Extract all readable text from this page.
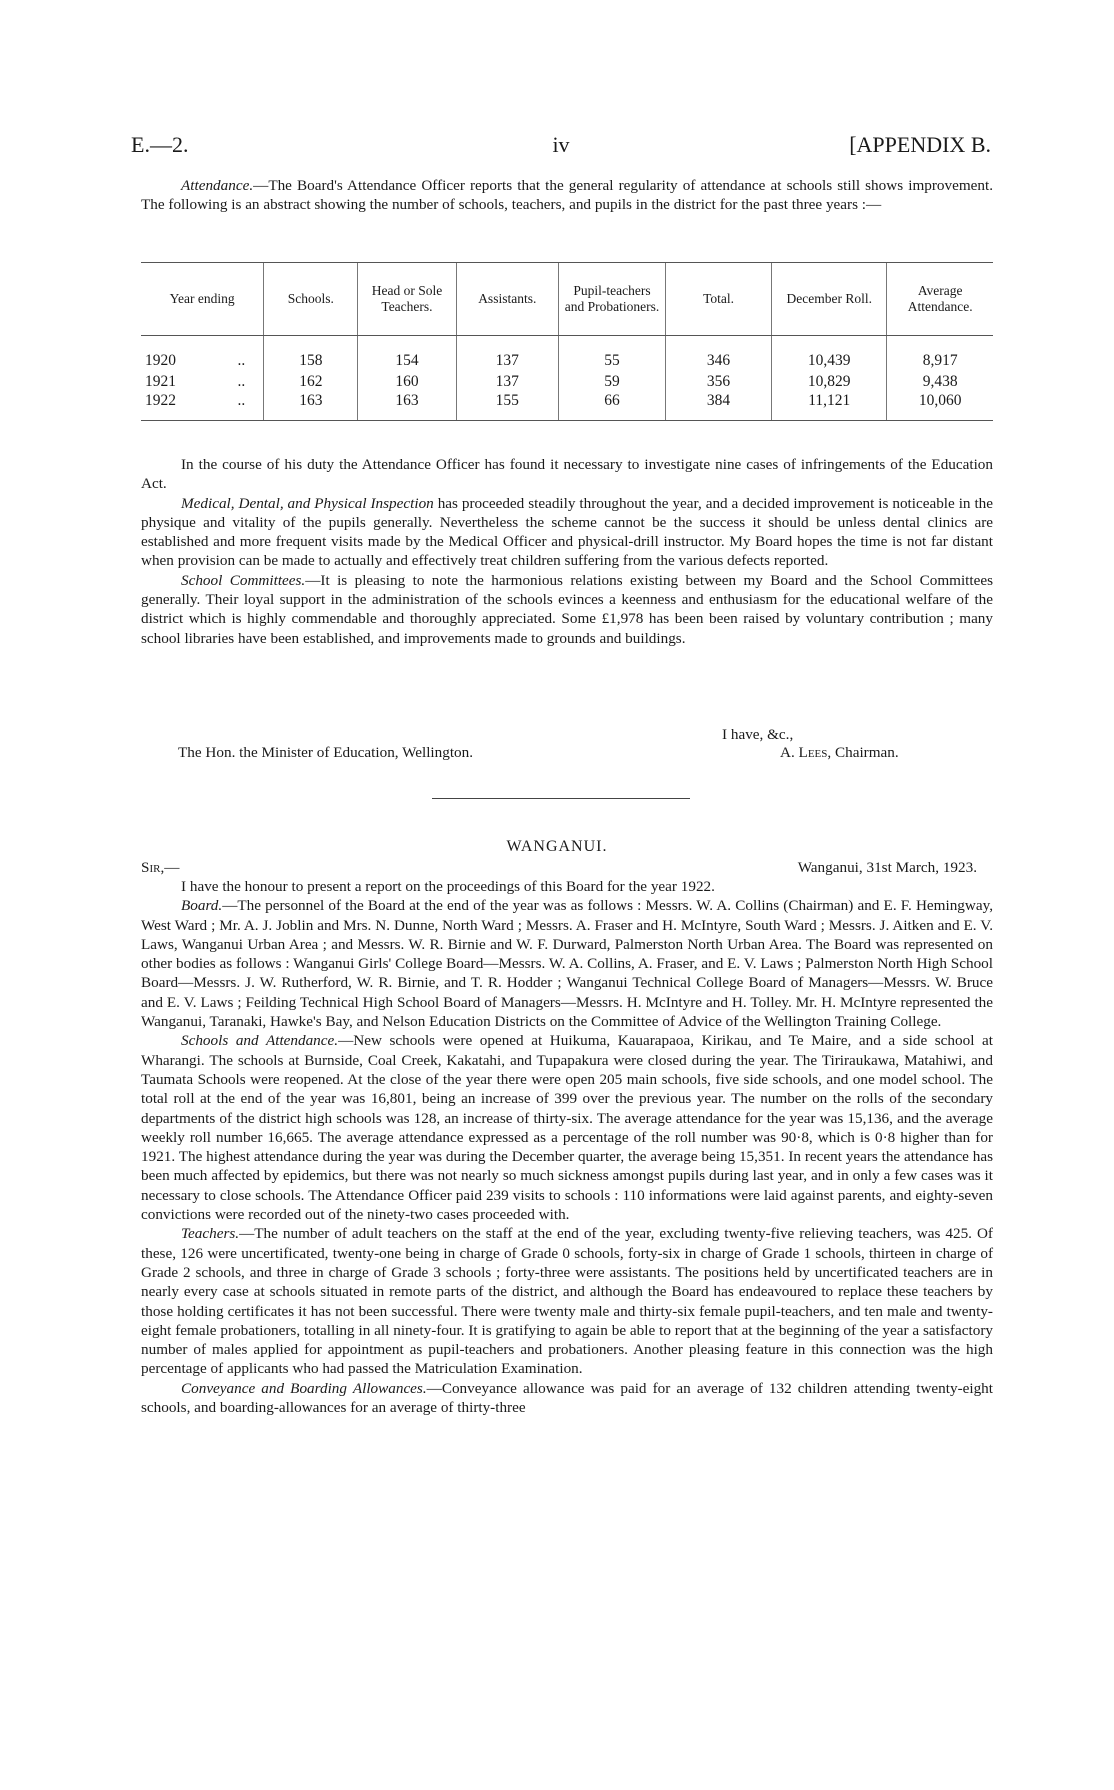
E.—2.	iv	[APPENDIX B.

Attendance.—The Board's Attendance Officer reports that the general regularity of attendance at schools still shows improvement. The following is an abstract showing the number of schools, teachers, and pupils in the district for the past three years :—

Year ending	Schools.	Head or Sole Teachers.	Assistants.	Pupil-teachers and Probationers.	Total.	December Roll.	Average Attendance.

1920 ..	158	154	137	55	346	10,439	8,917
1921 ..	162	160	137	59	356	10,829	9,438
1922 ..	163	163	155	66	384	11,121	10,060

In the course of his duty the Attendance Officer has found it necessary to investigate nine cases of infringements of the Education Act.

Medical, Dental, and Physical Inspection has proceeded steadily throughout the year, and a decided improvement is noticeable in the physique and vitality of the pupils generally. Nevertheless the scheme cannot be the success it should be unless dental clinics are established and more frequent visits made by the Medical Officer and physical-drill instructor. My Board hopes the time is not far distant when provision can be made to actually and effectively treat children suffering from the various defects reported.

School Committees.—It is pleasing to note the harmonious relations existing between my Board and the School Committees generally. Their loyal support in the administration of the schools evinces a keenness and enthusiasm for the educational welfare of the district which is highly commendable and thoroughly appreciated. Some £1,978 has been been raised by voluntary contribution ; many school libraries have been established, and improvements made to grounds and buildings.

I have, &c.,
The Hon. the Minister of Education, Wellington.	A. Lees, Chairman.
WANGANUI.

Sir,—	Wanganui, 31st March, 1923.

I have the honour to present a report on the proceedings of this Board for the year 1922.

Board.—The personnel of the Board at the end of the year was as follows : Messrs. W. A. Collins (Chairman) and E. F. Hemingway, West Ward ; Mr. A. J. Joblin and Mrs. N. Dunne, North Ward ; Messrs. A. Fraser and H. McIntyre, South Ward ; Messrs. J. Aitken and E. V. Laws, Wanganui Urban Area ; and Messrs. W. R. Birnie and W. F. Durward, Palmerston North Urban Area. The Board was represented on other bodies as follows : Wanganui Girls' College Board—Messrs. W. A. Collins, A. Fraser, and E. V. Laws ; Palmerston North High School Board—Messrs. J. W. Rutherford, W. R. Birnie, and T. R. Hodder ; Wanganui Technical College Board of Managers—Messrs. W. Bruce and E. V. Laws ; Feilding Technical High School Board of Managers—Messrs. H. McIntyre and H. Tolley. Mr. H. McIntyre represented the Wanganui, Taranaki, Hawke's Bay, and Nelson Education Districts on the Committee of Advice of the Wellington Training College.

Schools and Attendance.—New schools were opened at Huikuma, Kauarapaoa, Kirikau, and Te Maire, and a side school at Wharangi. The schools at Burnside, Coal Creek, Kakatahi, and Tupapakura were closed during the year. The Tiriraukawa, Matahiwi, and Taumata Schools were reopened. At the close of the year there were open 205 main schools, five side schools, and one model school. The total roll at the end of the year was 16,801, being an increase of 399 over the previous year. The number on the rolls of the secondary departments of the district high schools was 128, an increase of thirty-six. The average attendance for the year was 15,136, and the average weekly roll number 16,665. The average attendance expressed as a percentage of the roll number was 90·8, which is 0·8 higher than for 1921. The highest attendance during the year was during the December quarter, the average being 15,351. In recent years the attendance has been much affected by epidemics, but there was not nearly so much sickness amongst pupils during last year, and in only a few cases was it necessary to close schools. The Attendance Officer paid 239 visits to schools : 110 informations were laid against parents, and eighty-seven convictions were recorded out of the ninety-two cases proceeded with.

Teachers.—The number of adult teachers on the staff at the end of the year, excluding twenty-five relieving teachers, was 425. Of these, 126 were uncertificated, twenty-one being in charge of Grade 0 schools, forty-six in charge of Grade 1 schools, thirteen in charge of Grade 2 schools, and three in charge of Grade 3 schools ; forty-three were assistants. The positions held by uncertificated teachers are in nearly every case at schools situated in remote parts of the district, and although the Board has endeavoured to replace these teachers by those holding certificates it has not been successful. There were twenty male and thirty-six female pupil-teachers, and ten male and twenty-eight female probationers, totalling in all ninety-four. It is gratifying to again be able to report that at the beginning of the year a satisfactory number of males applied for appointment as pupil-teachers and probationers. Another pleasing feature in this connection was the high percentage of applicants who had passed the Matriculation Examination.

Conveyance and Boarding Allowances.—Conveyance allowance was paid for an average of 132 children attending twenty-eight schools, and boarding-allowances for an average of thirty-three
